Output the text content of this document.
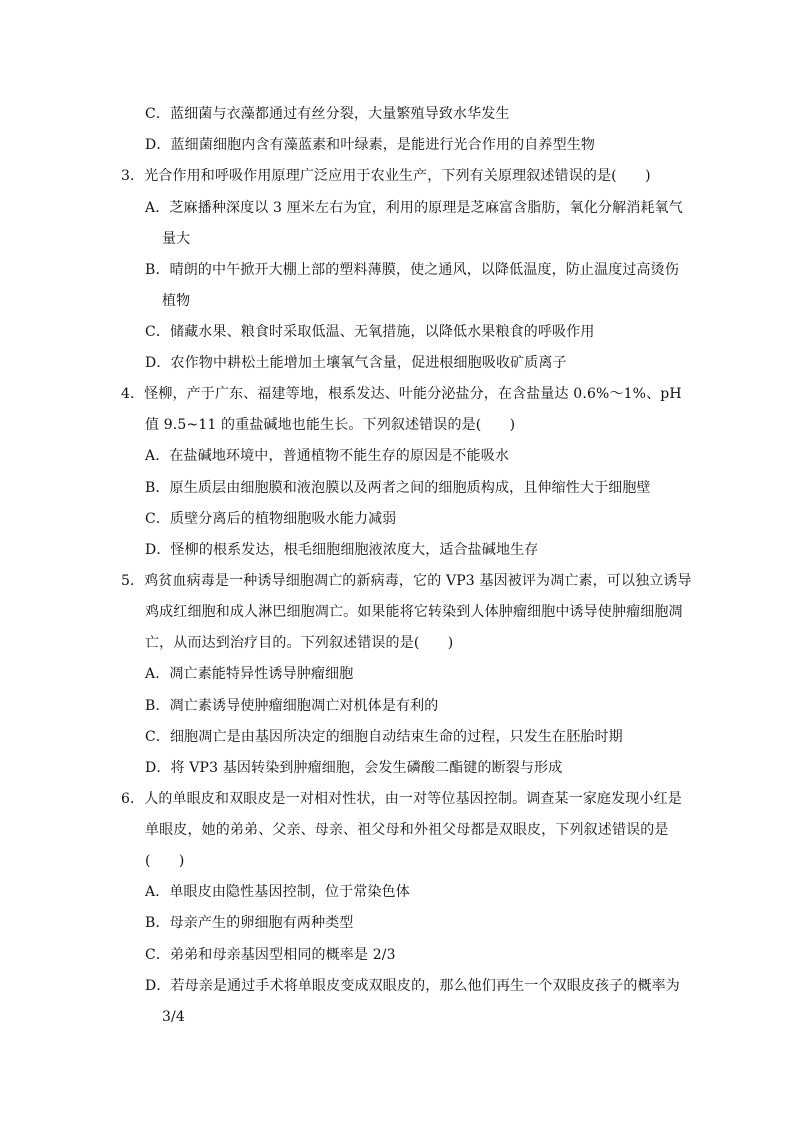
C．蓝细菌与衣藻都通过有丝分裂，大量繁殖导致水华发生
D．蓝细菌细胞内含有藻蓝素和叶绿素，是能进行光合作用的自养型生物
3．光合作用和呼吸作用原理广泛应用于农业生产，下列有关原理叙述错误的是(　　)
A．芝麻播种深度以 3 厘米左右为宜，利用的原理是芝麻富含脂肪，氧化分解消耗氧气
量大
B．晴朗的中午掀开大棚上部的塑料薄膜，使之通风，以降低温度，防止温度过高烫伤
植物
C．储藏水果、粮食时采取低温、无氧措施，以降低水果粮食的呼吸作用
D．农作物中耕松土能增加土壤氧气含量，促进根细胞吸收矿质离子
4．怪柳，产于广东、福建等地，根系发达、叶能分泌盐分，在含盐量达 0.6%～1%、pH
值 9.5~11 的重盐碱地也能生长。下列叙述错误的是(　　)
A．在盐碱地环境中，普通植物不能生存的原因是不能吸水
B．原生质层由细胞膜和液泡膜以及两者之间的细胞质构成，且伸缩性大于细胞壁
C．质壁分离后的植物细胞吸水能力减弱
D．怪柳的根系发达，根毛细胞细胞液浓度大，适合盐碱地生存
5．鸡贫血病毒是一种诱导细胞凋亡的新病毒，它的 VP3 基因被评为凋亡素，可以独立诱导
鸡成红细胞和成人淋巴细胞凋亡。如果能将它转染到人体肿瘤细胞中诱导使肿瘤细胞凋
亡，从而达到治疗目的。下列叙述错误的是(　　)
A．凋亡素能特异性诱导肿瘤细胞
B．凋亡素诱导使肿瘤细胞凋亡对机体是有利的
C．细胞凋亡是由基因所决定的细胞自动结束生命的过程，只发生在胚胎时期
D．将 VP3 基因转染到肿瘤细胞，会发生磷酸二酯键的断裂与形成
6．人的单眼皮和双眼皮是一对相对性状，由一对等位基因控制。调查某一家庭发现小红是
单眼皮，她的弟弟、父亲、母亲、祖父母和外祖父母都是双眼皮，下列叙述错误的是
(　　)
A．单眼皮由隐性基因控制，位于常染色体
B．母亲产生的卵细胞有两种类型
C．弟弟和母亲基因型相同的概率是 2/3
D．若母亲是通过手术将单眼皮变成双眼皮的，那么他们再生一个双眼皮孩子的概率为
3/4
